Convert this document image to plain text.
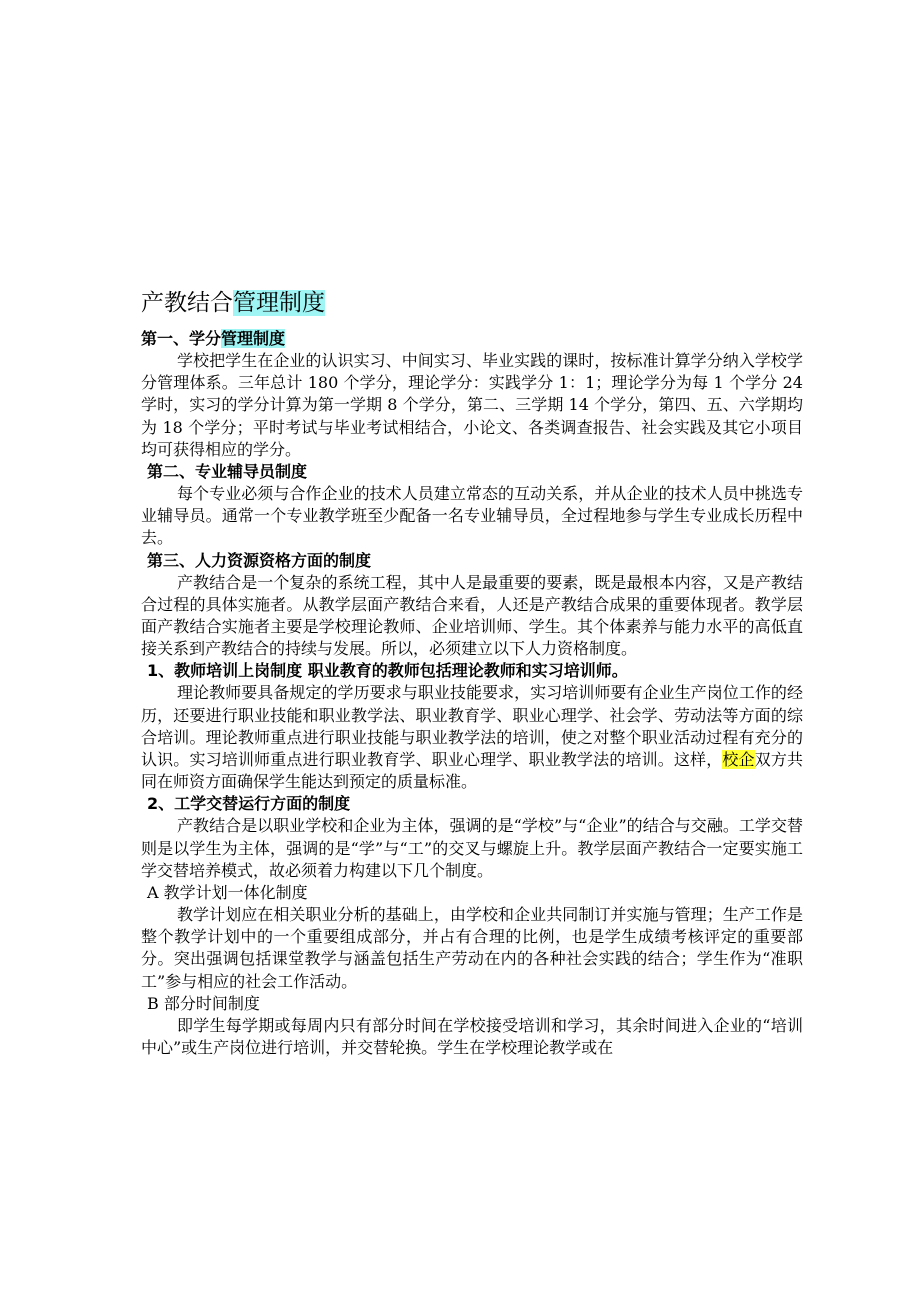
产教结合管理制度
第一、学分管理制度
学校把学生在企业的认识实习、中间实习、毕业实践的课时，按标准计算学分纳入学校学分管理体系。三年总计 180 个学分，理论学分：实践学分 1：1；理论学分为每 1 个学分 24 学时，实习的学分计算为第一学期 8 个学分，第二、三学期 14 个学分，第四、五、六学期均为 18 个学分；平时考试与毕业考试相结合，小论文、各类调查报告、社会实践及其它小项目均可获得相应的学分。
第二、专业辅导员制度
每个专业必须与合作企业的技术人员建立常态的互动关系，并从企业的技术人员中挑选专业辅导员。通常一个专业教学班至少配备一名专业辅导员，全过程地参与学生专业成长历程中去。
第三、人力资源资格方面的制度
产教结合是一个复杂的系统工程，其中人是最重要的要素，既是最根本内容，又是产教结合过程的具体实施者。从教学层面产教结合来看，人还是产教结合成果的重要体现者。教学层面产教结合实施者主要是学校理论教师、企业培训师、学生。其个体素养与能力水平的高低直接关系到产教结合的持续与发展。所以，必须建立以下人力资格制度。
1、教师培训上岗制度 职业教育的教师包括理论教师和实习培训师。
理论教师要具备规定的学历要求与职业技能要求，实习培训师要有企业生产岗位工作的经历，还要进行职业技能和职业教学法、职业教育学、职业心理学、社会学、劳动法等方面的综合培训。理论教师重点进行职业技能与职业教学法的培训，使之对整个职业活动过程有充分的认识。实习培训师重点进行职业教育学、职业心理学、职业教学法的培训。这样，校企双方共同在师资方面确保学生能达到预定的质量标准。
2、工学交替运行方面的制度
产教结合是以职业学校和企业为主体，强调的是“学校”与“企业”的结合与交融。工学交替则是以学生为主体，强调的是“学”与“工”的交叉与螺旋上升。教学层面产教结合一定要实施工学交替培养模式，故必须着力构建以下几个制度。
A 教学计划一体化制度
教学计划应在相关职业分析的基础上，由学校和企业共同制订并实施与管理；生产工作是整个教学计划中的一个重要组成部分，并占有合理的比例，也是学生成绩考核评定的重要部分。突出强调包括课堂教学与涵盖包括生产劳动在内的各种社会实践的结合；学生作为“准职工”参与相应的社会工作活动。
B 部分时间制度
即学生每学期或每周内只有部分时间在学校接受培训和学习，其余时间进入企业的“培训中心”或生产岗位进行培训，并交替轮换。学生在学校理论教学或在
